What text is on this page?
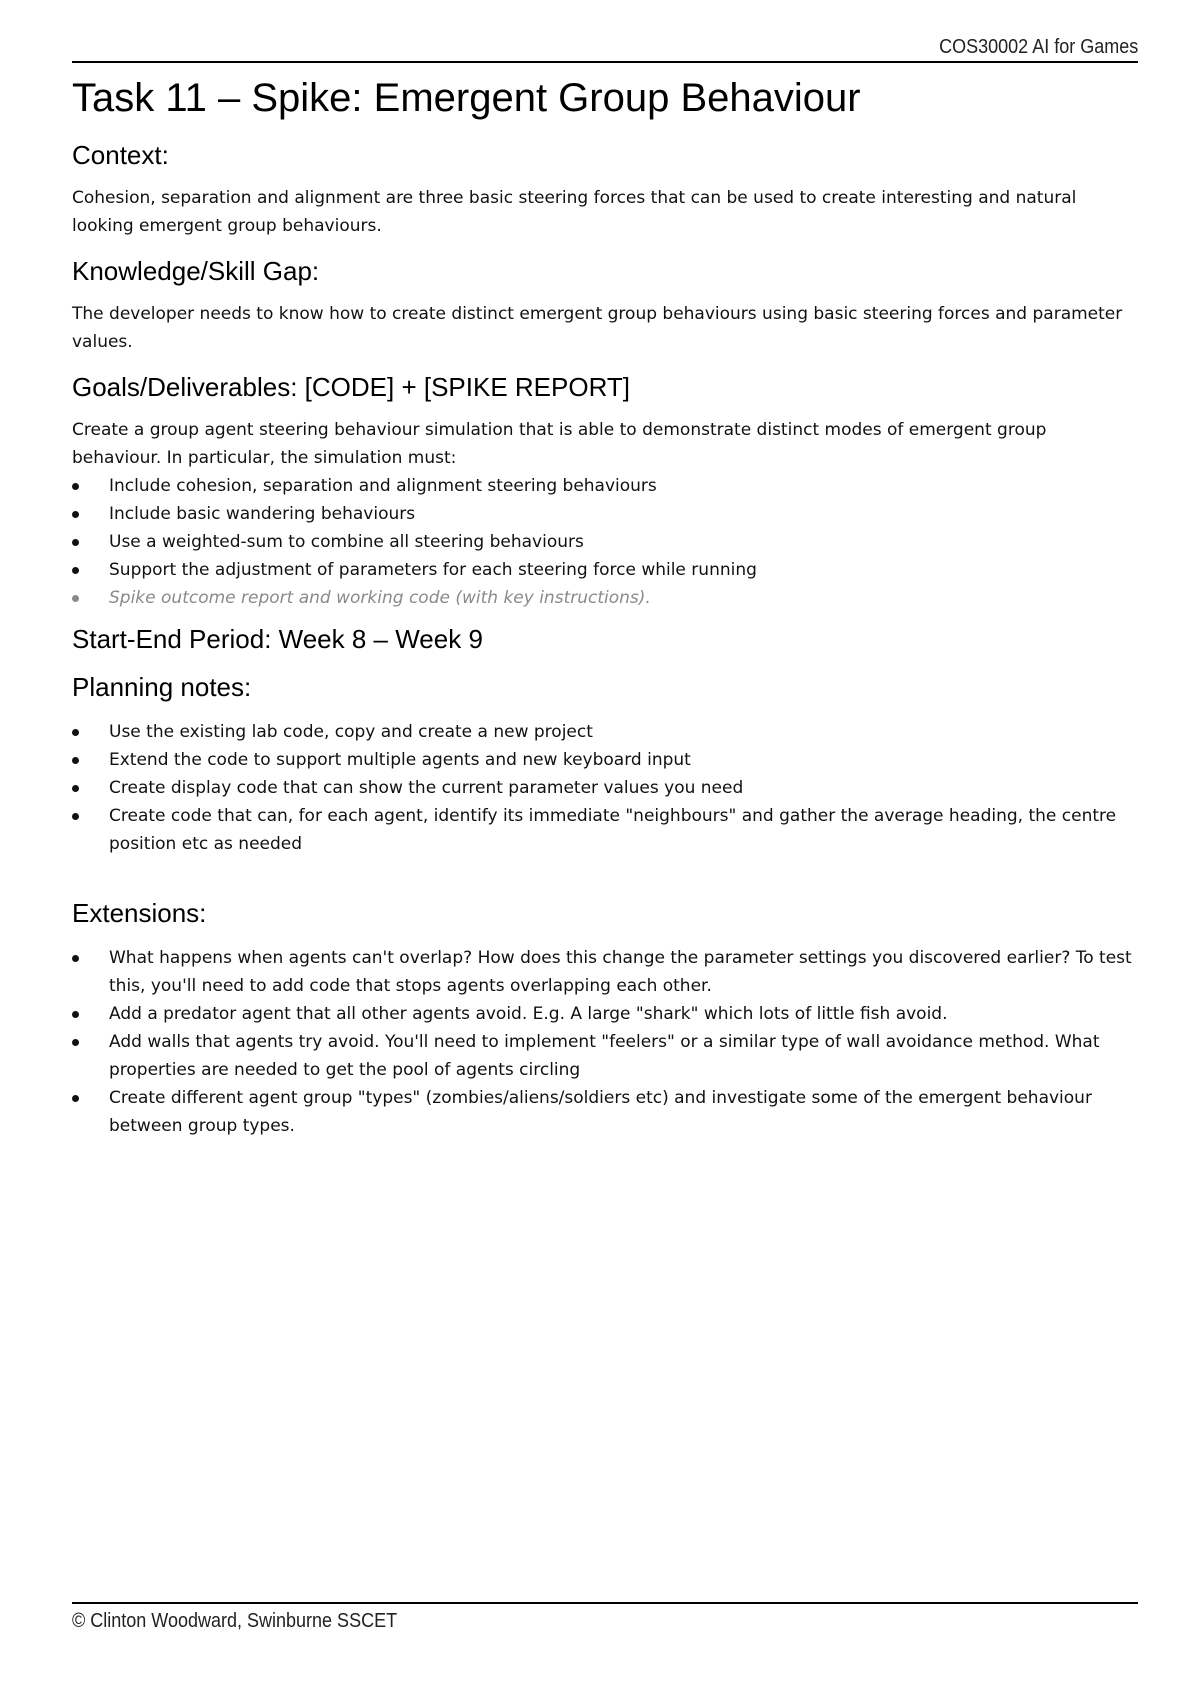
COS30002 AI for Games
Task 11 – Spike: Emergent Group Behaviour
Context:

Cohesion, separation and alignment are three basic steering forces that can be used to create interesting and natural looking emergent group behaviours.

Knowledge/Skill Gap:

The developer needs to know how to create distinct emergent group behaviours using basic steering forces and parameter values.

Goals/Deliverables: [CODE] + [SPIKE REPORT]

Create a group agent steering behaviour simulation that is able to demonstrate distinct modes of emergent group behaviour. In particular, the simulation must:

Include cohesion, separation and alignment steering behaviours
Include basic wandering behaviours
Use a weighted-sum to combine all steering behaviours
Support the adjustment of parameters for each steering force while running
Spike outcome report and working code (with key instructions).
Start-End Period: Week 8 – Week 9
Planning notes:
Use the existing lab code, copy and create a new project
Extend the code to support multiple agents and new keyboard input
Create display code that can show the current parameter values you need
Create code that can, for each agent, identify its immediate "neighbours" and gather the average heading, the centre position etc as needed
Extensions:
What happens when agents can't overlap? How does this change the parameter settings you discovered earlier? To test this, you'll need to add code that stops agents overlapping each other.
Add a predator agent that all other agents avoid. E.g. A large "shark" which lots of little fish avoid.
Add walls that agents try avoid. You'll need to implement "feelers" or a similar type of wall avoidance method. What properties are needed to get the pool of agents circling
Create different agent group "types" (zombies/aliens/soldiers etc) and investigate some of the emergent behaviour between group types.
© Clinton Woodward, Swinburne SSCET
